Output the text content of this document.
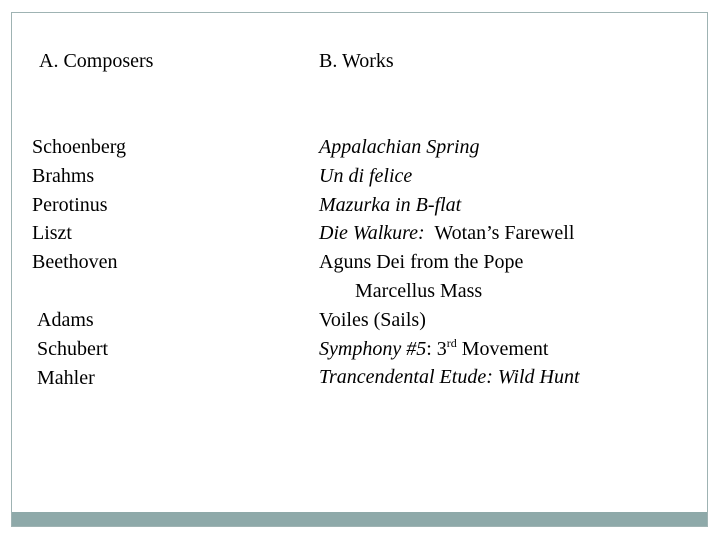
A. Composers	B. Works
Schoenberg
Brahms
Perotinus
Liszt
Beethoven
Adams
Schubert
Mahler
Appalachian Spring
Un di felice
Mazurka in B-flat
Die Walkure:  Wotan’s Farewell
Aguns Dei from the Pope
Marcellus Mass
Voiles (Sails)
Symphony #5: 3rd Movement
Trancendental Etude: Wild Hunt
